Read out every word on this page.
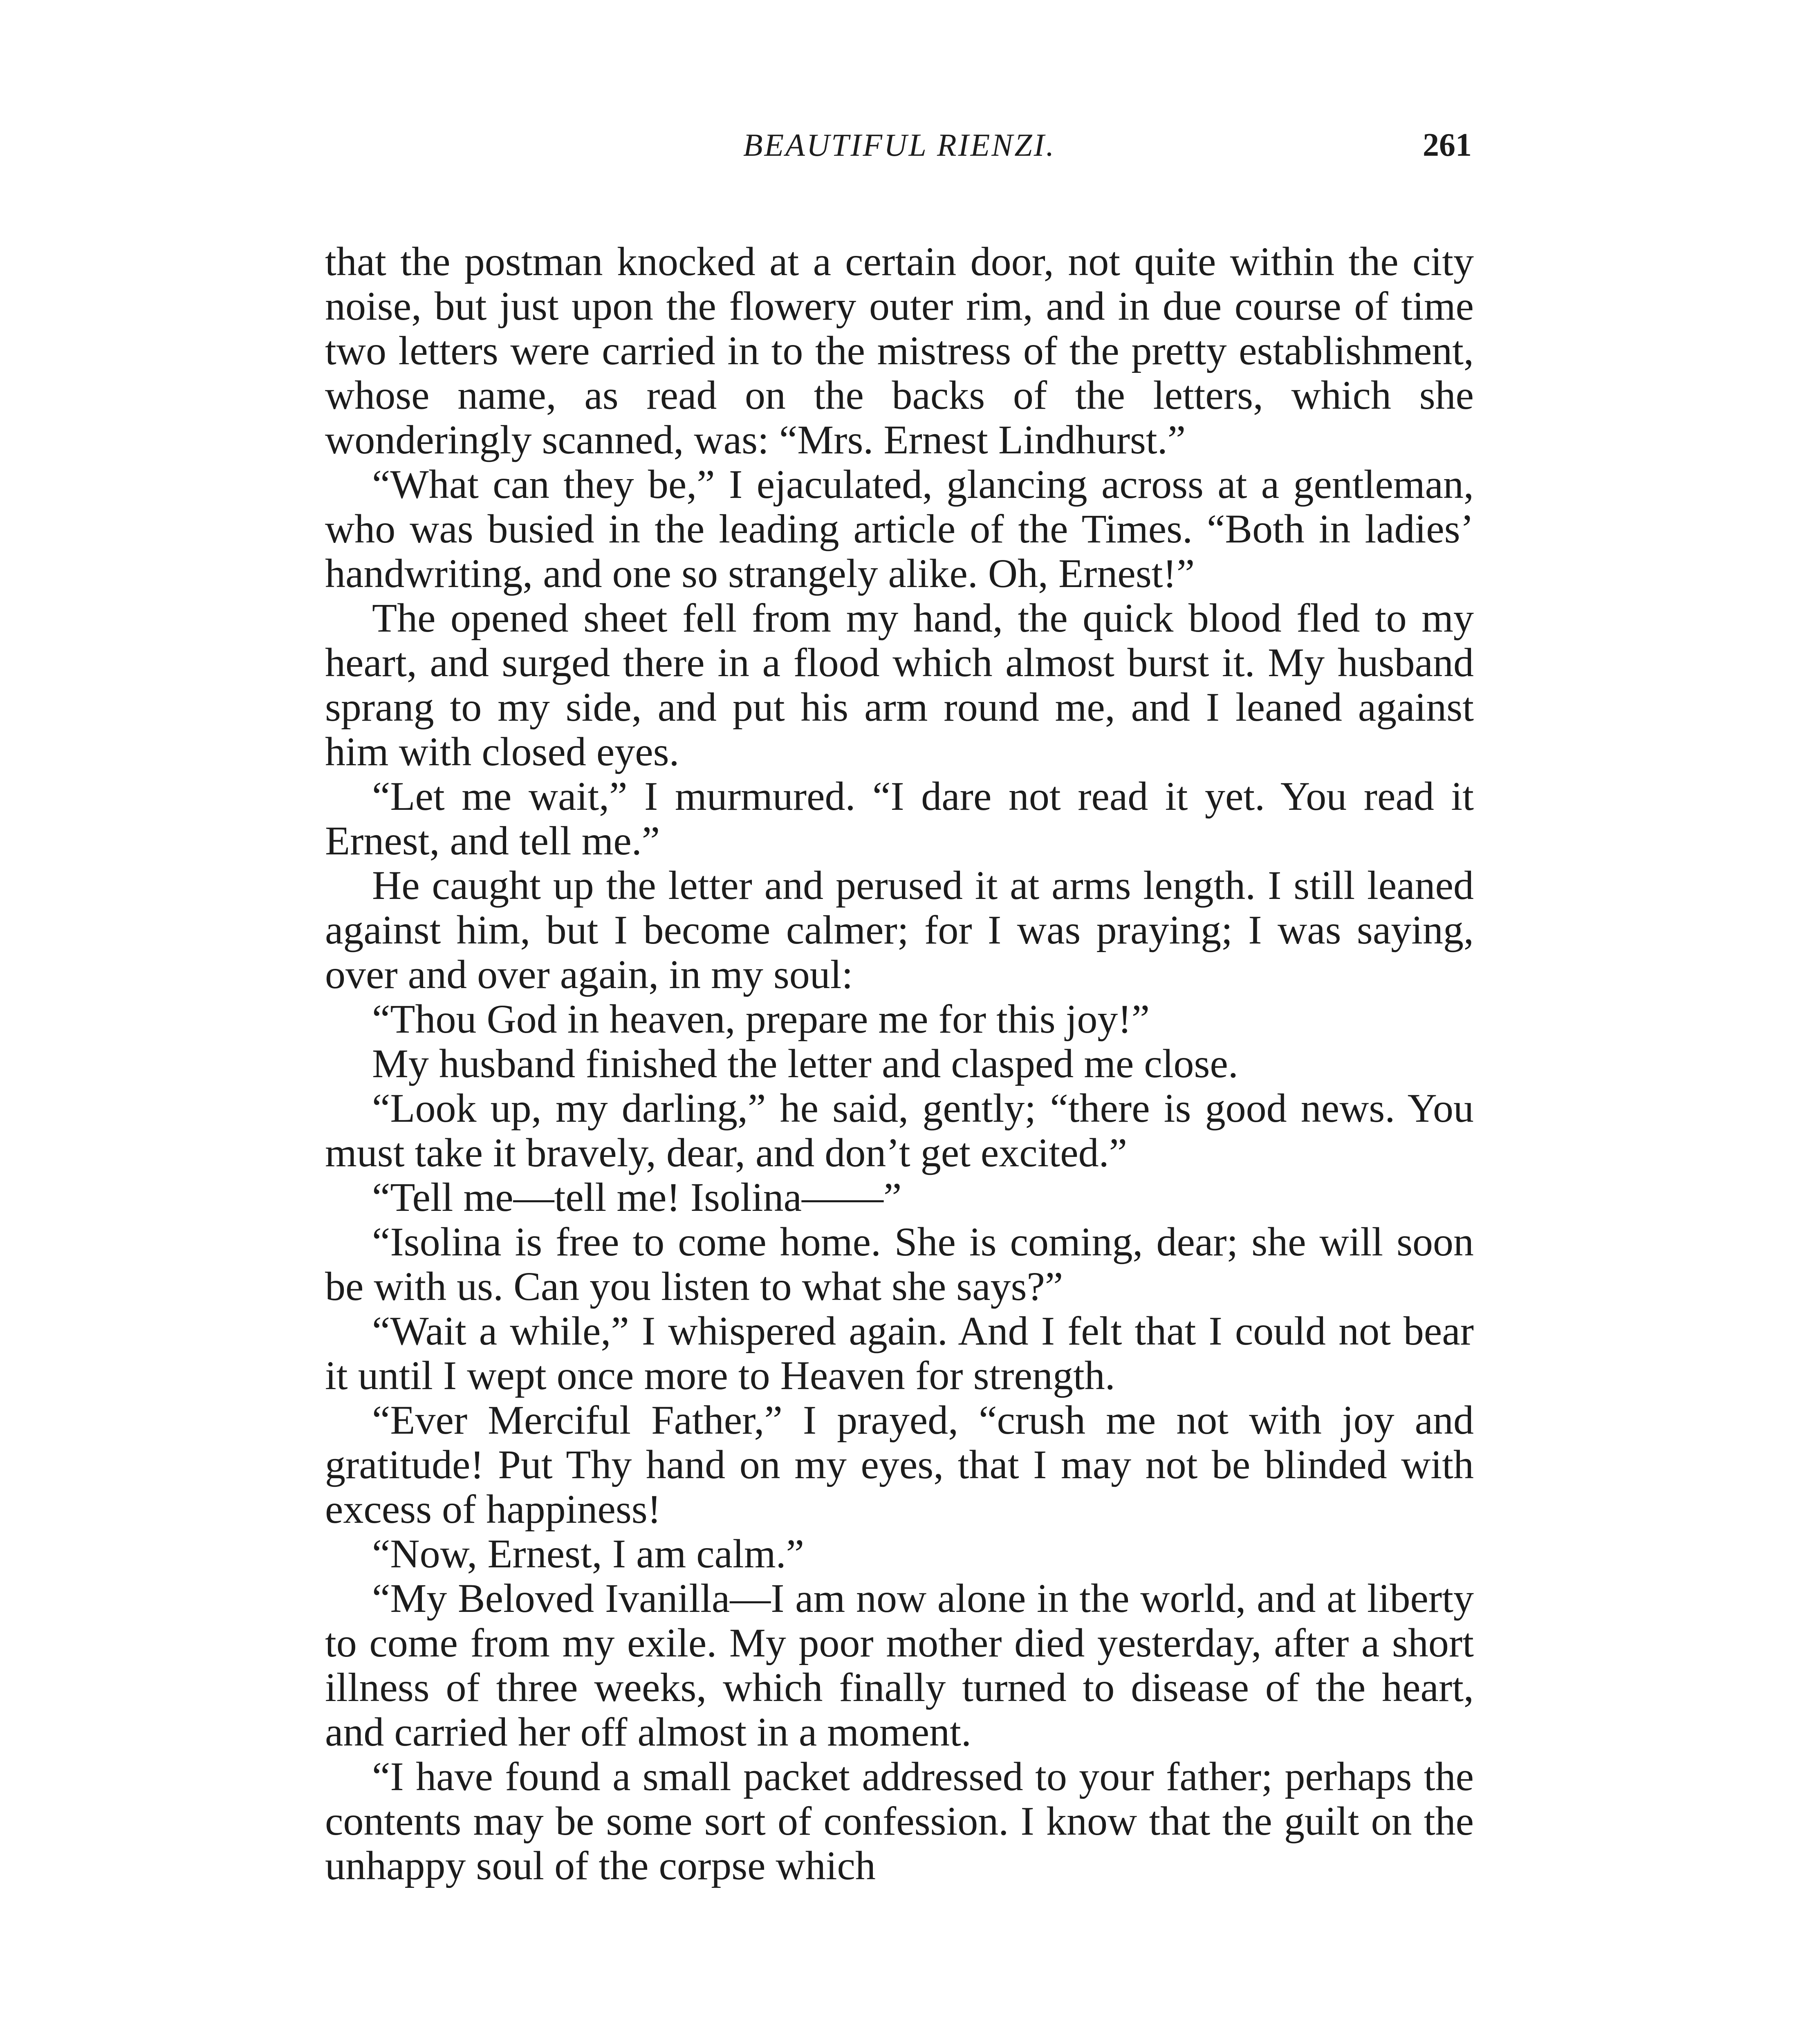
BEAUTIFUL RIENZI.	261

that the postman knocked at a certain door, not quite within the city noise, but just upon the flowery outer rim, and in due course of time two letters were carried in to the mistress of the pretty establishment, whose name, as read on the backs of the letters, which she wonderingly scanned, was: “Mrs. Ernest Lindhurst.”

“What can they be,” I ejaculated, glancing across at a gentleman, who was busied in the leading article of the Times. “Both in ladies’ handwriting, and one so strangely alike. Oh, Ernest!”

The opened sheet fell from my hand, the quick blood fled to my heart, and surged there in a flood which almost burst it. My husband sprang to my side, and put his arm round me, and I leaned against him with closed eyes.

“Let me wait,” I murmured. “I dare not read it yet. You read it Ernest, and tell me.”

He caught up the letter and perused it at arms length. I still leaned against him, but I become calmer; for I was praying; I was saying, over and over again, in my soul:

“Thou God in heaven, prepare me for this joy!”

My husband finished the letter and clasped me close.

“Look up, my darling,” he said, gently; “there is good news. You must take it bravely, dear, and don’t get excited.”

“Tell me—tell me! Isolina——”

“Isolina is free to come home. She is coming, dear; she will soon be with us. Can you listen to what she says?”

“Wait a while,” I whispered again. And I felt that I could not bear it until I wept once more to Heaven for strength.

“Ever Merciful Father,” I prayed, “crush me not with joy and gratitude! Put Thy hand on my eyes, that I may not be blinded with excess of happiness!

“Now, Ernest, I am calm.”

“My Beloved Ivanilla—I am now alone in the world, and at liberty to come from my exile. My poor mother died yesterday, after a short illness of three weeks, which finally turned to disease of the heart, and carried her off almost in a moment.

“I have found a small packet addressed to your father; perhaps the contents may be some sort of confession. I know that the guilt on the unhappy soul of the corpse which
